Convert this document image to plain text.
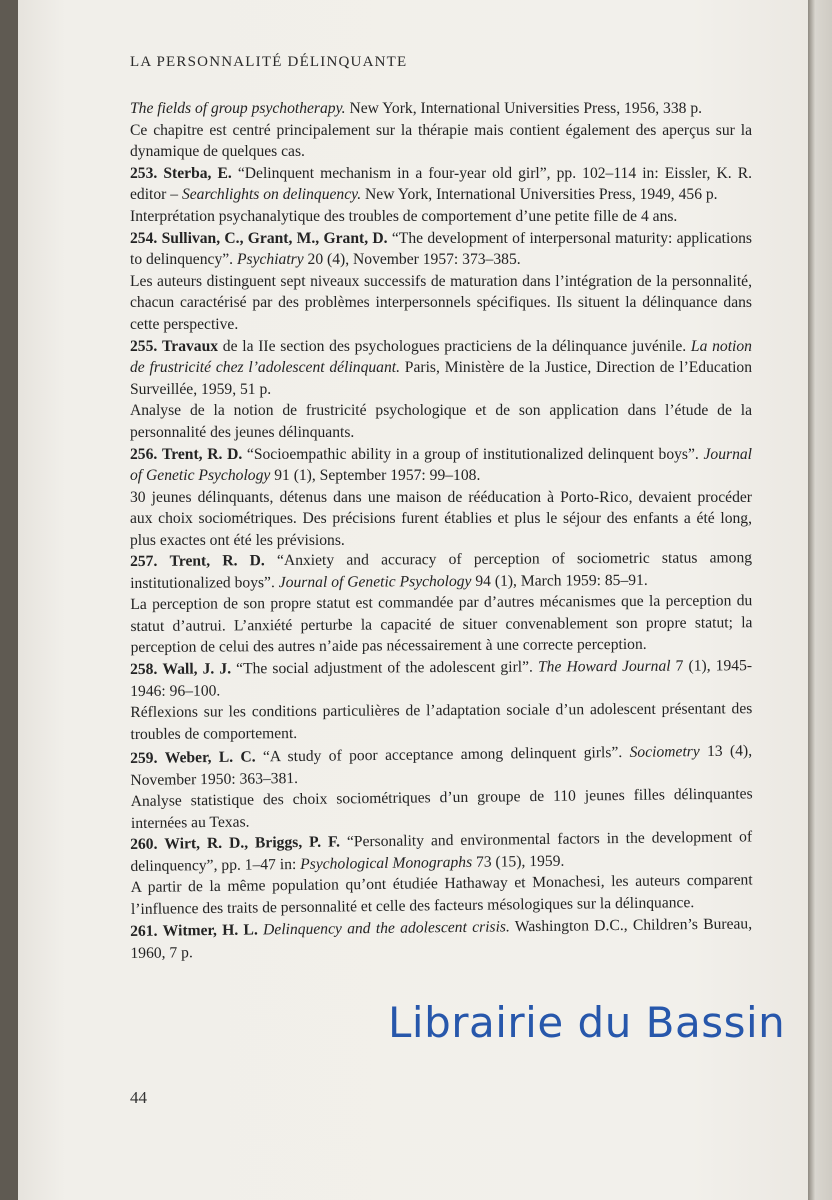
LA PERSONNALITÉ DÉLINQUANTE

The fields of group psychotherapy. New York, International Universities Press, 1956, 338 p.

Ce chapitre est centré principalement sur la thérapie mais contient également des aperçus sur la dynamique de quelques cas.

253. Sterba, E. “Delinquent mechanism in a four-year old girl”, pp. 102–114 in: Eissler, K. R. editor – Searchlights on delinquency. New York, International Universities Press, 1949, 456 p.

Interprétation psychanalytique des troubles de comportement d’une petite fille de 4 ans.

254. Sullivan, C., Grant, M., Grant, D. “The development of interpersonal maturity: applications to delinquency”. Psychiatry 20 (4), November 1957: 373–385.

Les auteurs distinguent sept niveaux successifs de maturation dans l’intégration de la personnalité, chacun caractérisé par des problèmes interpersonnels spécifiques. Ils situent la délinquance dans cette perspective.

255. Travaux de la IIe section des psychologues practiciens de la délinquance juvénile. La notion de frustricité chez l’adolescent délinquant. Paris, Ministère de la Justice, Direction de l’Education Surveillée, 1959, 51 p.

Analyse de la notion de frustricité psychologique et de son application dans l’étude de la personnalité des jeunes délinquants.

256. Trent, R. D. “Socioempathic ability in a group of institutionalized delinquent boys”. Journal of Genetic Psychology 91 (1), September 1957: 99–108.

30 jeunes délinquants, détenus dans une maison de rééducation à Porto-Rico, devaient procéder aux choix sociométriques. Des précisions furent établies et plus le séjour des enfants a été long, plus exactes ont été les prévisions.

257. Trent, R. D. “Anxiety and accuracy of perception of sociometric status among institutionalized boys”. Journal of Genetic Psychology 94 (1), March 1959: 85–91.

La perception de son propre statut est commandée par d’autres mécanismes que la perception du statut d’autrui. L’anxiété perturbe la capacité de situer convenablement son propre statut; la perception de celui des autres n’aide pas nécessairement à une correcte perception.

258. Wall, J. J. “The social adjustment of the adolescent girl”. The Howard Journal 7 (1), 1945-1946: 96–100.

Réflexions sur les conditions particulières de l’adaptation sociale d’un adolescent présentant des troubles de comportement.

259. Weber, L. C. “A study of poor acceptance among delinquent girls”. Sociometry 13 (4), November 1950: 363–381.

Analyse statistique des choix sociométriques d’un groupe de 110 jeunes filles délinquantes internées au Texas.

260. Wirt, R. D., Briggs, P. F. “Personality and environmental factors in the development of delinquency”, pp. 1–47 in: Psychological Monographs 73 (15), 1959.

A partir de la même population qu’ont étudiée Hathaway et Monachesi, les auteurs comparent l’influence des traits de personnalité et celle des facteurs mésologiques sur la délinquance.

261. Witmer, H. L. Delinquency and the adolescent crisis. Washington D.C., Children’s Bureau, 1960, 7 p.

Librairie du Bassin
44
